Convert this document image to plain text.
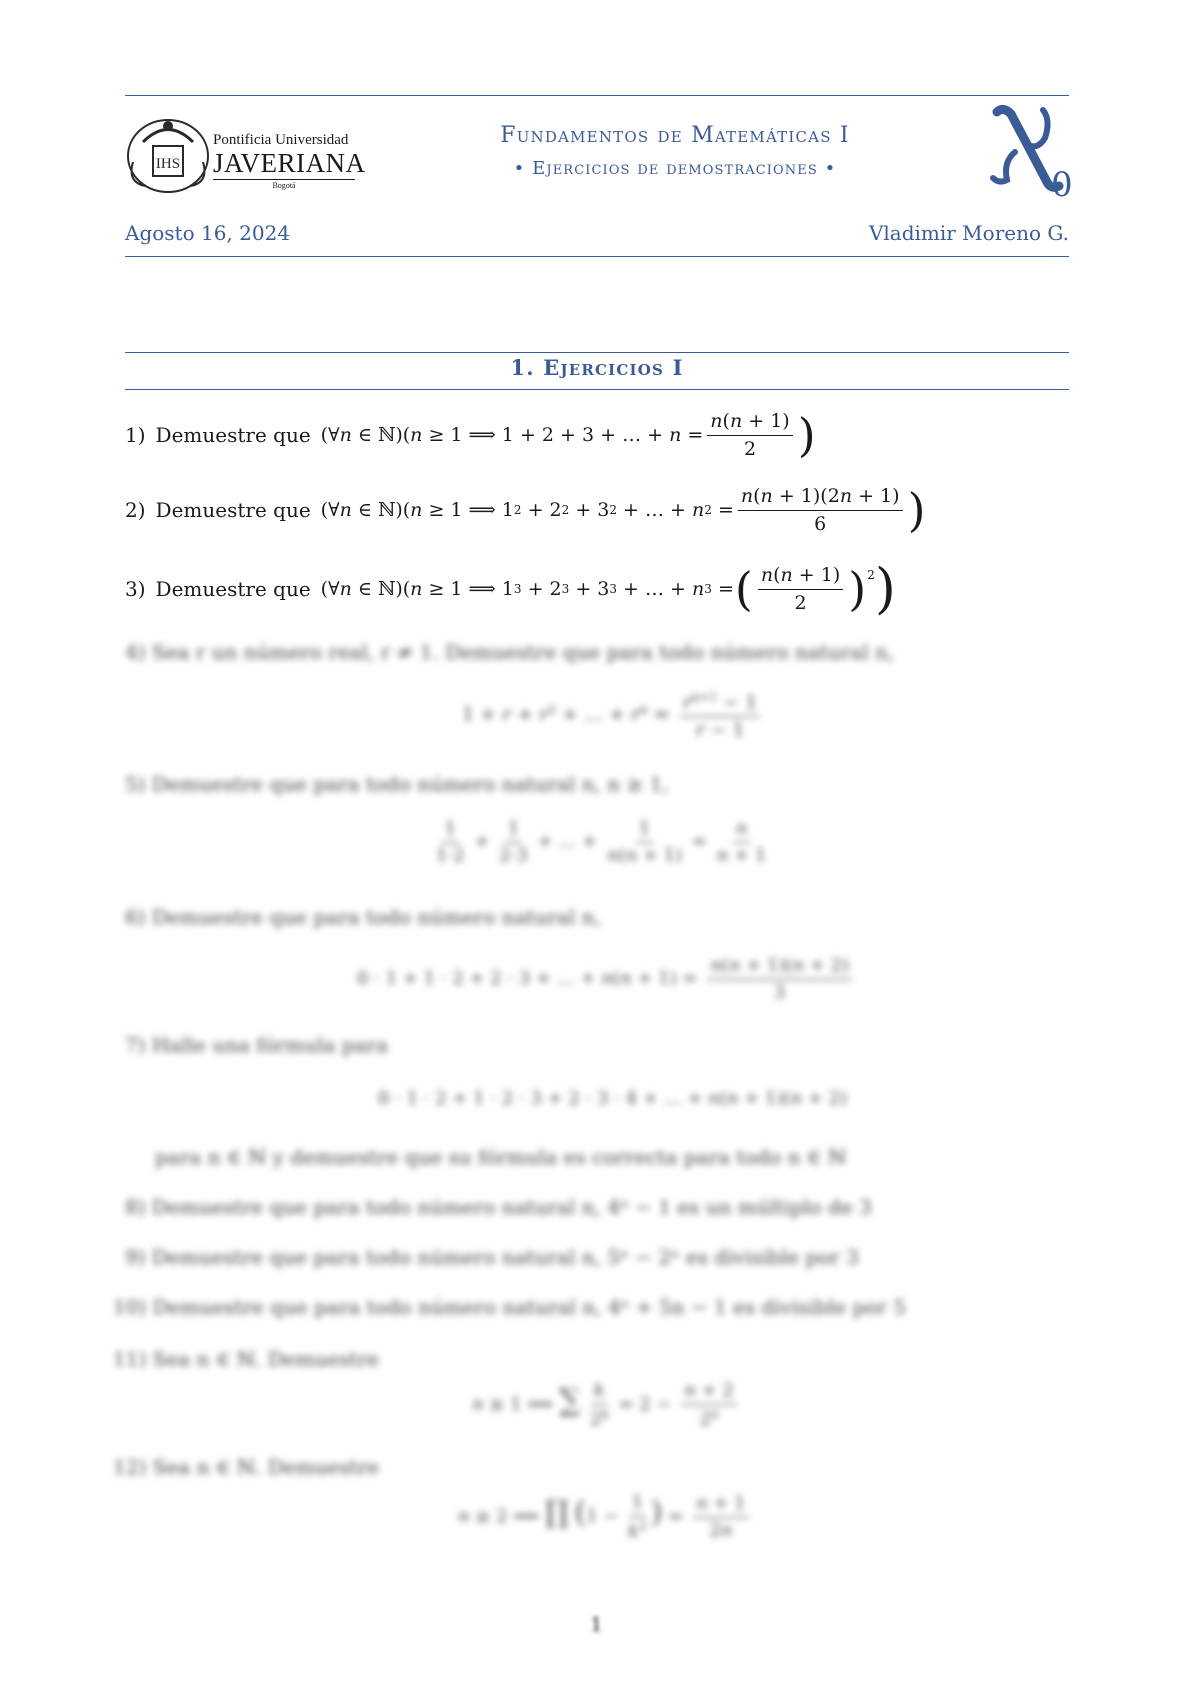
IHS
Pontificia Universidad
JAVERIANA
Bogotá
Fundamentos de Matemáticas I
• Ejercicios de demostraciones •	0
Agosto 16, 2024	Vladimir Moreno G.
1. Ejercicios I
1) Demuestre que (∀ n ∈ ℕ)( n ≥ 1 ⟹ 1 + 2 + 3 + … + $n = \frac{n(n + 1)}{2}$ )
2) Demuestre que (∀ n ∈ ℕ)( n ≥ 1 ⟹ 1 2 + 2 2 + 3 2 + … + n $2 = \frac{n(n + 1)(2n + 1)}{6}$ )
3) Demuestre que (∀ n ∈ ℕ)( n ≥ 1 ⟹ 1 3 + 2 3 + 3 3 + … + n 3 = ( $\frac{n(n + 1)}{2} )^2$ )
4) Sea r un número real, r ≠ 1. Demuestre que para todo número natural n,
$1 + r + r^2$ + … + $r^n = \frac{r^{n+1} - 1}{r - 1}$
5) Demuestre que para todo número natural n, n ≥ 1,
$\frac{1}{1\cdot 2} + \frac{1}{2\cdot 3}$ + … + $\frac{1}{n(n + 1)} = \frac{n}{n + 1}$
6) Demuestre que para todo número natural n,
0 · 1 + 1 · 2 + 2 · 3 + … + $n(n + 1) = \frac{n(n + 1)(n + 2)}{3}$
7) Halle una fórmula para
0 · 1 · 2 + 1 · 2 · 3 + 2 · 3 · 4 + … + n(n + 1)(n + 2)
para n ∈ ℕ y demuestre que su fórmula es correcta para todo n ∈ ℕ
8) Demuestre que para todo número natural n, 4ⁿ − 1 es un múltiplo de 3
9) Demuestre que para todo número natural n, 5ⁿ − 2ⁿ es divisible por 3
10) Demuestre que para todo número natural n, 4ⁿ + 5n − 1 es divisible por 5
11) Sea n ∈ ℕ. Demuestre
n ≥ 1 ⟹ ∑ $\frac{k}{2^k} = 2 - \frac{n + 2}{2^n}$
12) Sea n ∈ ℕ. Demuestre
n ≥ 2 ⟹ ∏ ($1 - \frac{1}{k^2}$ ) = $\frac{n + 1}{2n}$
1
